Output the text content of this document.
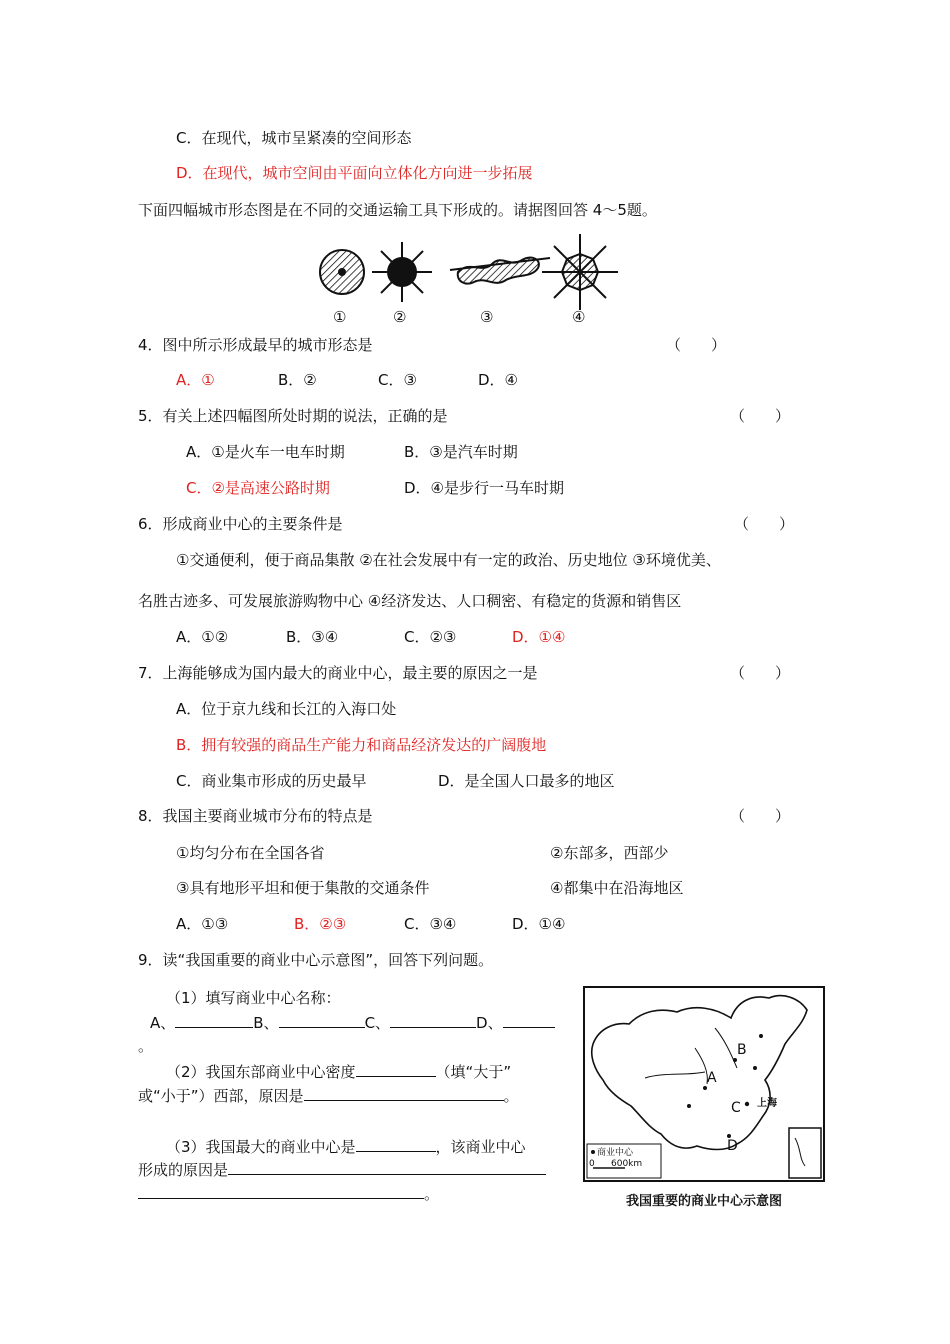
C．在现代，城市呈紧凑的空间形态
D．在现代，城市空间由平面向立体化方向进一步拓展
下面四幅城市形态图是在不同的交通运输工具下形成的。请据图回答 4～5题。
①	②	③	④
4．图中所示形成最早的城市形态是	（　　）
A．①	B．②	C．③	D．④
5．有关上述四幅图所处时期的说法，正确的是	（　　）
A．①是火车一电车时期	B．③是汽车时期
C．②是高速公路时期	D．④是步行一马车时期
6．形成商业中心的主要条件是	（　　）
①交通便利，便于商品集散 ②在社会发展中有一定的政治、历史地位 ③环境优美、
名胜古迹多、可发展旅游购物中心 ④经济发达、人口稠密、有稳定的货源和销售区
A．①②	B．③④	C．②③	D．①④
7．上海能够成为国内最大的商业中心，最主要的原因之一是	（　　）
A．位于京九线和长江的入海口处
B．拥有较强的商品生产能力和商品经济发达的广阔腹地
C．商业集市形成的历史最早	D．是全国人口最多的地区
8．我国主要商业城市分布的特点是	（　　）
①均匀分布在全国各省	②东部多，西部少
③具有地形平坦和便于集散的交通条件	④都集中在沿海地区
A．①③	B．②③	C．③④	D．①④
9．读“我国重要的商业中心示意图”，回答下列问题。
（1）填写商业中心名称：
A、	B、	C、	D、
。
（2）我国东部商业中心密度	（填“大于”
或“小于”）西部，原因是	。
（3）我国最大的商业中心是	，该商业中心
形成的原因是
。
B
A
C
D
上海
商业中心
0 600km
我国重要的商业中心示意图
